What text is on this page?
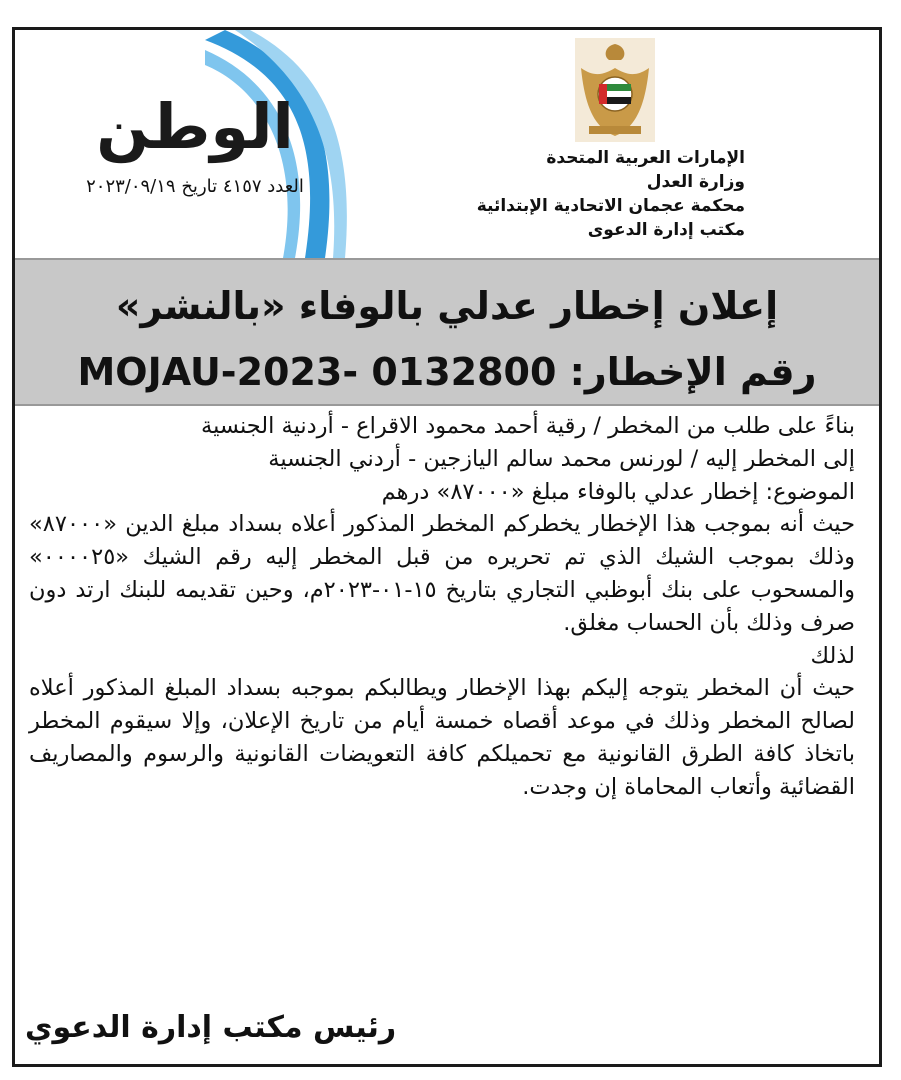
الوطن
العدد ٤١٥٧ تاريخ ٢٠٢٣/٠٩/١٩
الإمارات العربية المتحدة
وزارة العدل
محكمة عجمان الاتحادية الإبتدائية
مكتب إدارة الدعوى
إعلان إخطار عدلي بالوفاء «بالنشر»
رقم الإخطار: MOJAU-2023- 0132800

بناءً على طلب من المخطر / رقية أحمد محمود الاقراع - أردنية الجنسية

إلى المخطر إليه / لورنس محمد سالم اليازجين - أردني الجنسية

الموضوع: إخطار عدلي بالوفاء مبلغ «٨٧٠٠٠» درهم

حيث أنه بموجب هذا الإخطار يخطركم المخطر المذكور أعلاه بسداد مبلغ الدين «٨٧٠٠٠» وذلك بموجب الشيك الذي تم تحريره من قبل المخطر إليه رقم الشيك «٠٠٠٠٢٥» والمسحوب على بنك أبوظبي التجاري بتاريخ ١٥-٠١-٢٠٢٣م، وحين تقديمه للبنك ارتد دون صرف وذلك بأن الحساب مغلق.

لذلك

حيث أن المخطر يتوجه إليكم بهذا الإخطار ويطالبكم بموجبه بسداد المبلغ المذكور أعلاه لصالح المخطر وذلك في موعد أقصاه خمسة أيام من تاريخ الإعلان، وإلا سيقوم المخطر باتخاذ كافة الطرق القانونية مع تحميلكم كافة التعويضات القانونية والرسوم والمصاريف القضائية وأتعاب المحاماة إن وجدت.

رئيس مكتب إدارة الدعوي
